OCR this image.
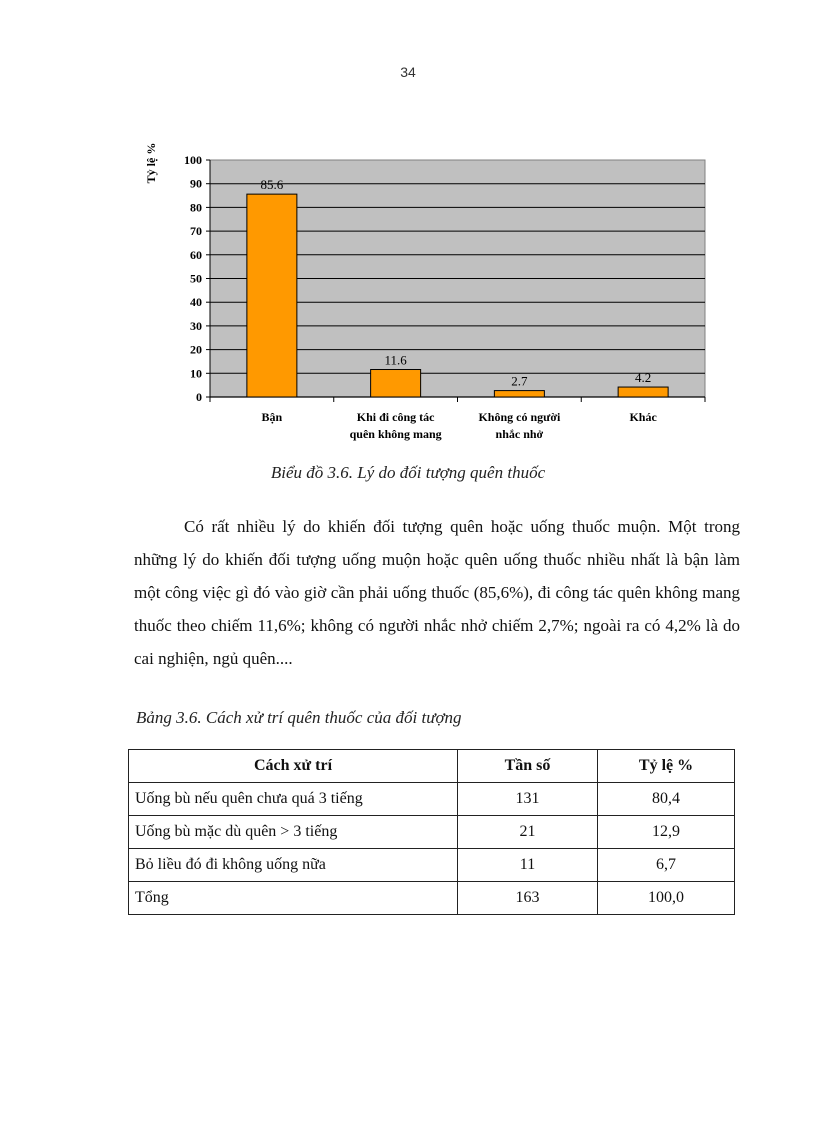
34
0
10
20
30
40
50
60
70
80
90
100
Tỷ lệ %
85.6
Bận
11.6
Khi đi công tác
quên không mang
2.7
Không có người
nhắc nhở
4.2
Khác
Biểu đồ 3.6. Lý do đối tượng quên thuốc

Có rất nhiều lý do khiến đối tượng quên hoặc uống thuốc muộn. Một trong những lý do khiến đối tượng uống muộn hoặc quên uống thuốc nhiều nhất là bận làm một công việc gì đó vào giờ cần phải uống thuốc (85,6%), đi công tác quên không mang thuốc theo chiếm 11,6%; không có người nhắc nhở chiếm 2,7%; ngoài ra có 4,2% là do cai nghiện, ngủ quên....

Bảng 3.6. Cách xử trí quên thuốc của đối tượng
Cách xử trí	Tần số	Tỷ lệ %
Uống bù nếu quên chưa quá 3 tiếng	131	80,4
Uống bù mặc dù quên > 3 tiếng	21	12,9
Bỏ liều đó đi không uống nữa	11	6,7
Tổng	163	100,0
